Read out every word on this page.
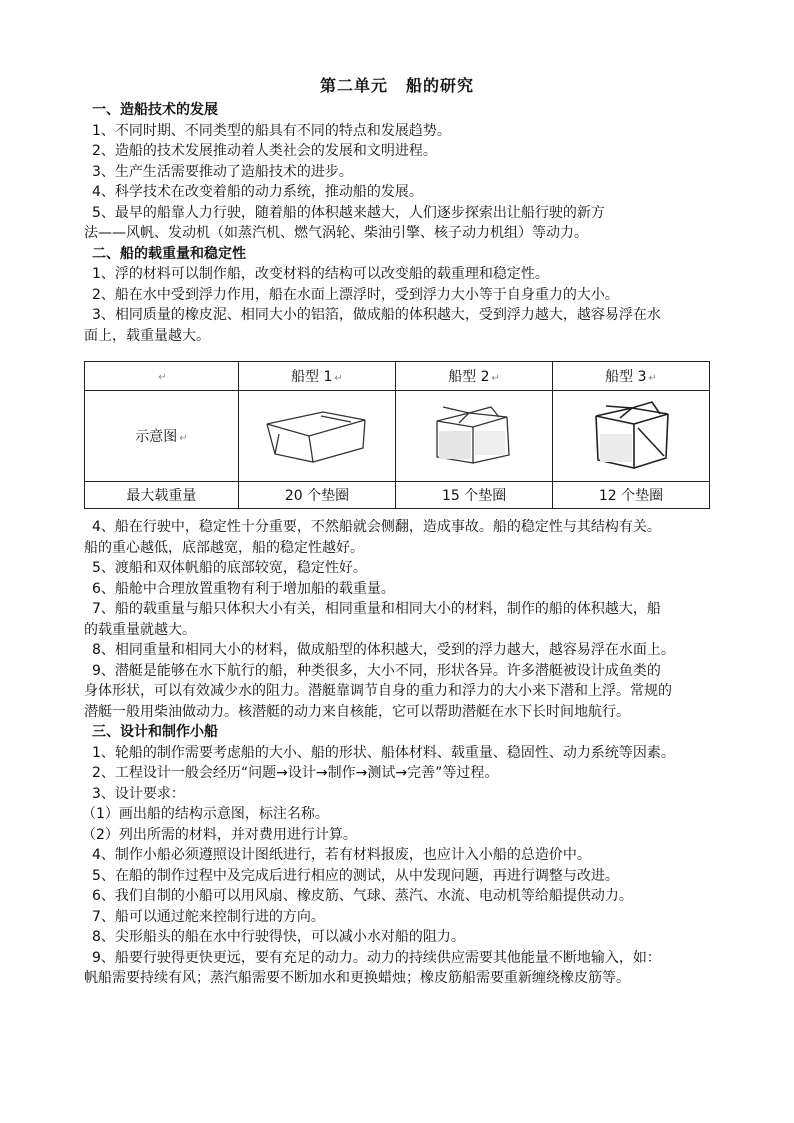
第二单元 船的研究
一、造船技术的发展
1、不同时期、不同类型的船具有不同的特点和发展趋势。
2、造船的技术发展推动着人类社会的发展和文明进程。
3、生产生活需要推动了造船技术的进步。
4、科学技术在改变着船的动力系统，推动船的发展。
5、最早的船靠人力行驶，随着船的体积越来越大，人们逐步探索出让船行驶的新方
法——风帆、发动机（如蒸汽机、燃气涡轮、柴油引擎、核子动力机组）等动力。
二、船的载重量和稳定性
1、浮的材料可以制作船，改变材料的结构可以改变船的载重理和稳定性。
2、船在水中受到浮力作用，船在水面上漂浮时，受到浮力大小等于自身重力的大小。
3、相同质量的橡皮泥、相同大小的铝箔，做成船的体积越大，受到浮力越大，越容易浮在水
面上，载重量越大。
↵	船型 1 ↵	船型 2 ↵	船型 3 ↵
示意图 ↵	

最大载重量	20 个垫圈	15 个垫圈	12 个垫圈
4、船在行驶中，稳定性十分重要，不然船就会侧翻，造成事故。船的稳定性与其结构有关。
船的重心越低，底部越宽，船的稳定性越好。
5、渡船和双体帆船的底部较宽，稳定性好。
6、船舱中合理放置重物有利于增加船的载重量。
7、船的载重量与船只体积大小有关，相同重量和相同大小的材料，制作的船的体积越大，船
的载重量就越大。
8、相同重量和相同大小的材料，做成船型的体积越大，受到的浮力越大，越容易浮在水面上。
9、潜艇是能够在水下航行的船，种类很多，大小不同，形状各异。许多潜艇被设计成鱼类的
身体形状，可以有效减少水的阻力。潜艇靠调节自身的重力和浮力的大小来下潜和上浮。常规的
潜艇一般用柴油做动力。核潜艇的动力来自核能，它可以帮助潜艇在水下长时间地航行。
三、设计和制作小船
1、轮船的制作需要考虑船的大小、船的形状、船体材料、载重量、稳固性、动力系统等因素。
2、工程设计一般会经历“问题→设计→制作→测试→完善”等过程。
3、设计要求：
（1）画出船的结构示意图，标注名称。
（2）列出所需的材料，并对费用进行计算。
4、制作小船必须遵照设计图纸进行，若有材料报废，也应计入小船的总造价中。
5、在船的制作过程中及完成后进行相应的测试，从中发现问题，再进行调整与改进。
6、我们自制的小船可以用风扇、橡皮筋、气球、蒸汽、水流、电动机等给船提供动力。
7、船可以通过舵来控制行进的方向。
8、尖形船头的船在水中行驶得快，可以减小水对船的阻力。
9、船要行驶得更快更远，要有充足的动力。动力的持续供应需要其他能量不断地输入，如：
帆船需要持续有风；蒸汽船需要不断加水和更换蜡烛；橡皮筋船需要重新缠绕橡皮筋等。
